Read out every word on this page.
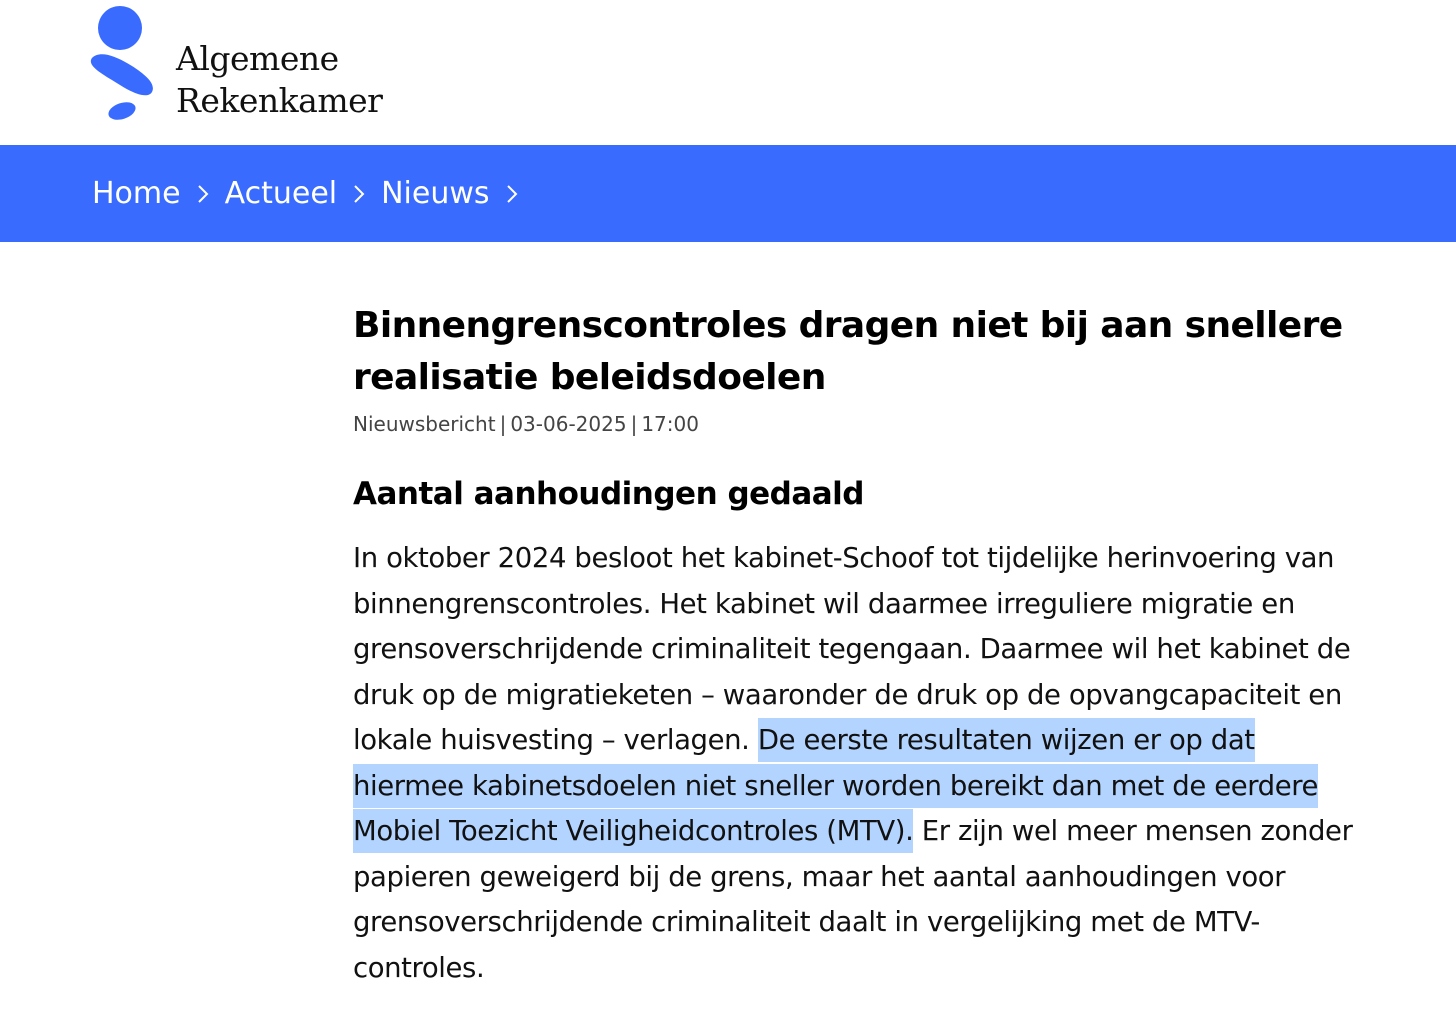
Algemene
Rekenkamer
Home Actueel Nieuws
Binnengrenscontroles dragen niet bij aan snellere realisatie beleidsdoelen
Nieuwsbericht | 03-06-2025 | 17:00
Aantal aanhoudingen gedaald

In oktober 2024 besloot het kabinet-Schoof tot tijdelijke herinvoering van binnengrenscontroles. Het kabinet wil daarmee irreguliere migratie en grensoverschrijdende criminaliteit tegengaan. Daarmee wil het kabinet de druk op de migratieketen – waaronder de druk op de opvangcapaciteit en lokale huisvesting – verlagen. De eerste resultaten wijzen er op dat hiermee kabinetsdoelen niet sneller worden bereikt dan met de eerdere Mobiel Toezicht Veiligheidcontroles (MTV). Er zijn wel meer mensen zonder papieren geweigerd bij de grens, maar het aantal aanhoudingen voor grensoverschrijdende criminaliteit daalt in vergelijking met de MTV-controles.
